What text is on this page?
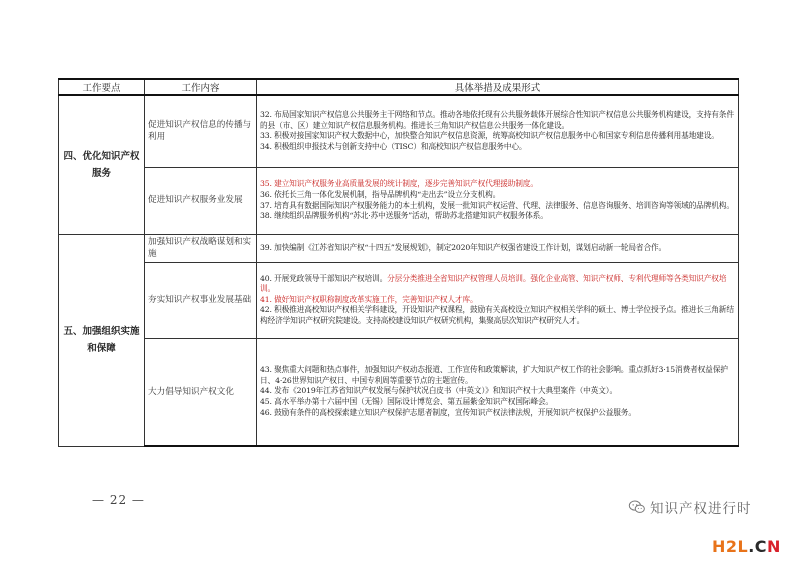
工作要点	工作内容	具体举措及成果形式
四、优化知识产权服务	促进知识产权信息的传播与利用	32. 布局国家知识产权信息公共服务主干网络和节点。推动各地依托现有公共服务载体开展综合性知识产权信息公共服务机构建设，支持有条件的县（市、区）建立知识产权信息服务机构。推进长三角知识产权信息公共服务一体化建设。
33. 积极对接国家知识产权大数据中心，加快整合知识产权信息资源，统筹高校知识产权信息服务中心和国家专利信息传播利用基地建设。
34. 积极组织申报技术与创新支持中心（TISC）和高校知识产权信息服务中心。

	促进知识产权服务业发展	35. 建立知识产权服务业高质量发展的统计制度，逐步完善知识产权代理援助制度。
36. 依托长三角一体化发展机制，指导品牌机构“走出去”设立分支机构。
37. 培育具有数据国际知识产权服务能力的本土机构，发展一批知识产权运营、代理、法律服务、信息咨询服务、培训咨询等领域的品牌机构。
38. 继续组织品牌服务机构“苏北·苏中送服务”活动，帮助苏北搭建知识产权服务体系。

五、加强组织实施和保障	加强知识产权战略谋划和实施	39. 加快编制《江苏省知识产权“十四五”发展规划》，制定2020年知识产权强省建设工作计划，谋划启动新一轮局省合作。

	夯实知识产权事业发展基础	40. 开展党政领导干部知识产权培训。分层分类推进全省知识产权管理人员培训。强化企业高管、知识产权师、专利代理师等各类知识产权培训。
41. 做好知识产权职称制度改革实施工作，完善知识产权人才库。
42. 积极推进高校知识产权相关学科建设，开设知识产权课程，鼓励有关高校设立知识产权相关学科的硕士、博士学位授予点。推进长三角新结构经济学知识产权研究院建设。支持高校建设知识产权研究机构，集聚高层次知识产权研究人才。

	大力倡导知识产权文化	43. 聚焦重大问题和热点事件，加强知识产权动态报道、工作宣传和政策解读，扩大知识产权工作的社会影响。重点抓好3·15消费者权益保护日、4·26世界知识产权日、中国专利周等重要节点的主题宣传。
44. 发布《2019年江苏省知识产权发展与保护状况白皮书（中英文）》和知识产权十大典型案件（中英文）。
45. 高水平举办第十六届中国（无锡）国际设计博览会、第五届紫金知识产权国际峰会。
46. 鼓励有条件的高校探索建立知识产权保护志愿者制度，宣传知识产权法律法规，开展知识产权保护公益服务。
— 22 —
知识产权进行时
H2L.CN
